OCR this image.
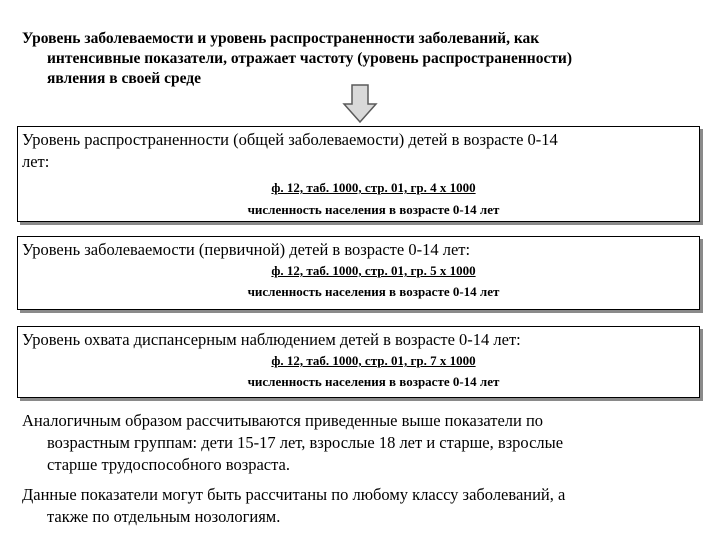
Уровень заболеваемости и уровень распространенности заболеваний, как
интенсивные показатели, отражает частоту (уровень распространенности)
явления в своей среде
Уровень распространенности (общей заболеваемости) детей в возрасте 0-14
лет:
ф. 12, таб. 1000, стр. 01, гр. 4 х 1000
численность населения в возрасте 0-14 лет
Уровень заболеваемости (первичной) детей в возрасте 0-14 лет:
ф. 12, таб. 1000, стр. 01, гр. 5 х 1000
численность населения в возрасте 0-14 лет
Уровень охвата диспансерным наблюдением детей в возрасте 0-14 лет:
ф. 12, таб. 1000, стр. 01, гр. 7 х 1000
численность населения в возрасте 0-14 лет
Аналогичным образом рассчитываются приведенные выше показатели по
возрастным группам: дети 15-17 лет, взрослые 18 лет и старше, взрослые
старше трудоспособного возраста.
Данные показатели могут быть рассчитаны по любому классу заболеваний, а
также по отдельным нозологиям.
